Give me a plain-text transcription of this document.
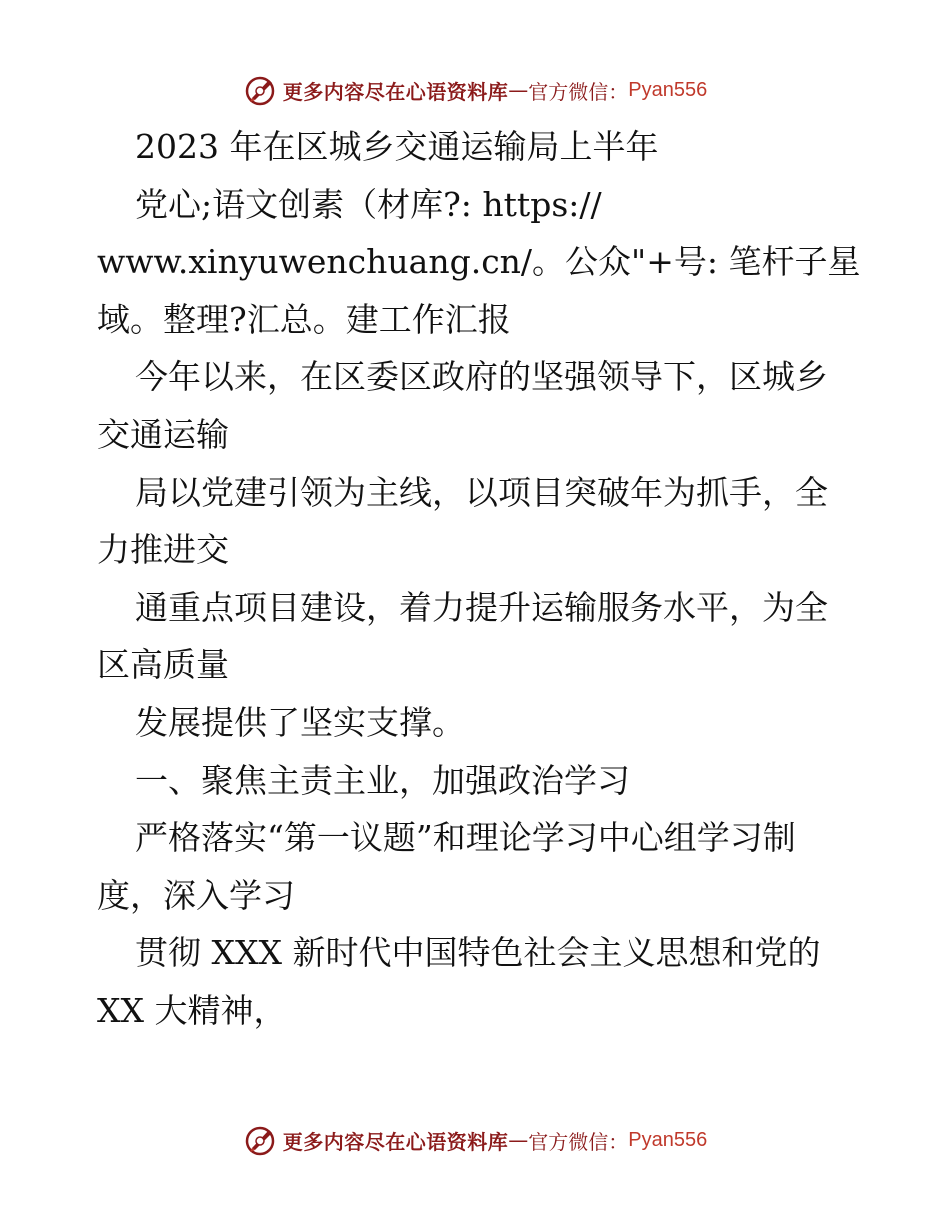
更多内容尽在心语资料库 — 官方微信： Pyan556
2023 年在区城乡交通运输局上半年
党心;语文创素（材库?: https://
www.xinyuwenchuang.cn/。公众"+号: 笔杆子星
域。整理?汇总。建工作汇报
今年以来，在区委区政府的坚强领导下，区城乡
交通运输
局以党建引领为主线，以项目突破年为抓手，全
力推进交
通重点项目建设，着力提升运输服务水平，为全
区高质量
发展提供了坚实支撑。
一、聚焦主责主业，加强政治学习
严格落实“第一议题”和理论学习中心组学习制
度，深入学习
贯彻 XXX 新时代中国特色社会主义思想和党的
XX 大精神，
更多内容尽在心语资料库 — 官方微信： Pyan556
